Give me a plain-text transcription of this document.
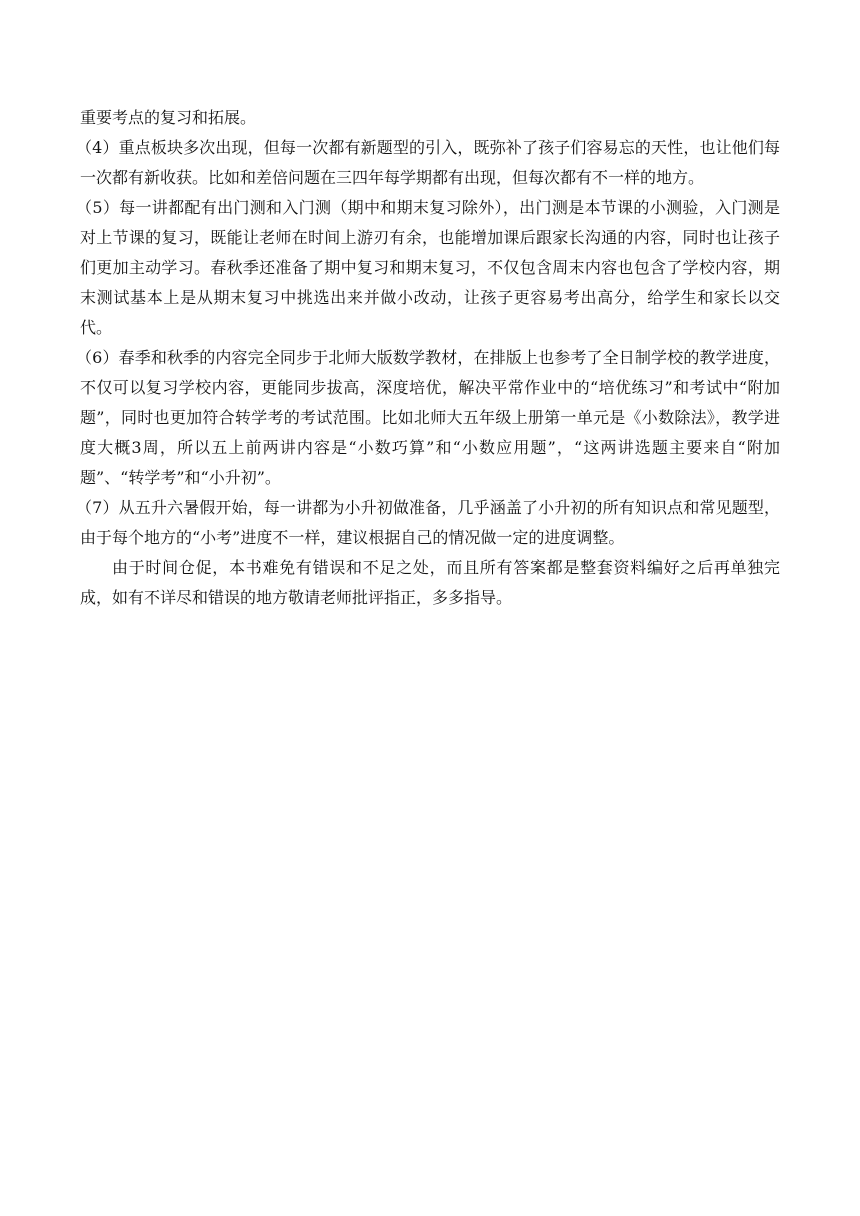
重要考点的复习和拓展。

（4）重点板块多次出现，但每一次都有新题型的引入，既弥补了孩子们容易忘的天性，也让他们每一次都有新收获。比如和差倍问题在三四年每学期都有出现，但每次都有不一样的地方。

（5）每一讲都配有出门测和入门测（期中和期末复习除外），出门测是本节课的小测验，入门测是对上节课的复习，既能让老师在时间上游刃有余，也能增加课后跟家长沟通的内容，同时也让孩子们更加主动学习。春秋季还准备了期中复习和期末复习，不仅包含周末内容也包含了学校内容，期末测试基本上是从期末复习中挑选出来并做小改动，让孩子更容易考出高分，给学生和家长以交代。

（6）春季和秋季的内容完全同步于北师大版数学教材，在排版上也参考了全日制学校的教学进度，不仅可以复习学校内容，更能同步拔高，深度培优，解决平常作业中的“培优练习”和考试中“附加题”，同时也更加符合转学考的考试范围。比如北师大五年级上册第一单元是《小数除法》，教学进度大概3周，所以五上前两讲内容是“小数巧算”和“小数应用题”，“这两讲选题主要来自“附加题”、“转学考”和“小升初”。

（7）从五升六暑假开始，每一讲都为小升初做准备，几乎涵盖了小升初的所有知识点和常见题型，由于每个地方的“小考”进度不一样，建议根据自己的情况做一定的进度调整。

由于时间仓促，本书难免有错误和不足之处，而且所有答案都是整套资料编好之后再单独完成，如有不详尽和错误的地方敬请老师批评指正，多多指导。
